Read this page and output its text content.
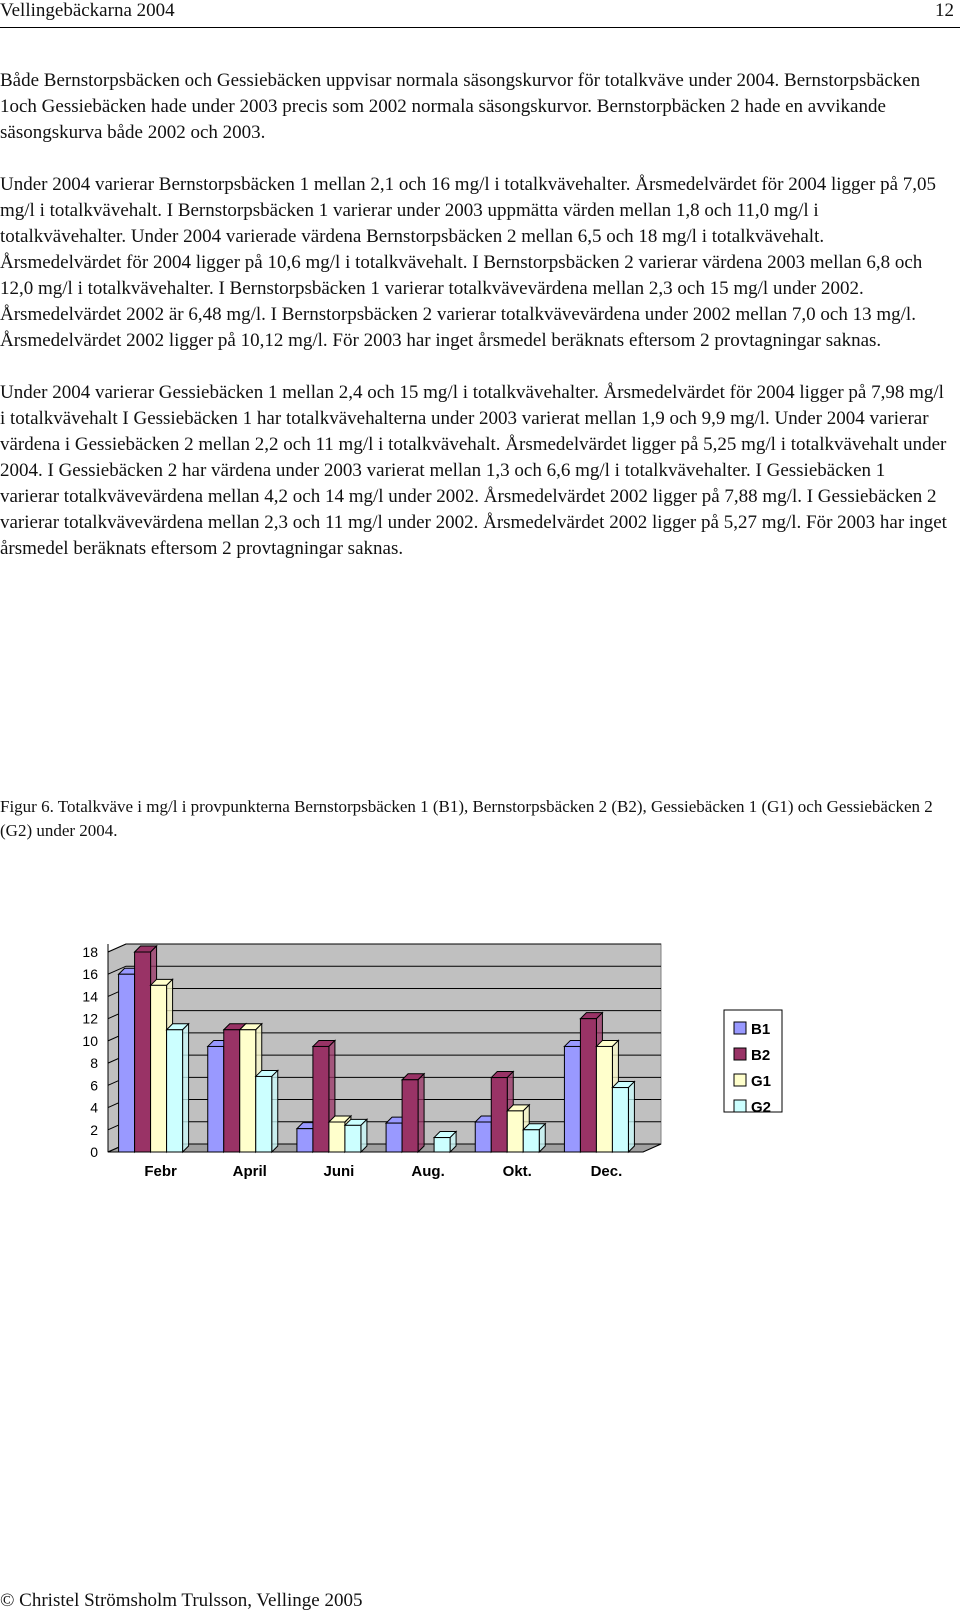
Vellingebäckarna 2004	12

Både Bernstorpsbäcken och Gessiebäcken uppvisar normala säsongskurvor för totalkväve under 2004. Bernstorpsbäcken 1och Gessiebäcken hade under 2003 precis som 2002 normala säsongskurvor. Bernstorpbäcken 2 hade en avvikande säsongskurva både 2002 och 2003.

Under 2004 varierar Bernstorpsbäcken 1 mellan 2,1 och 16 mg/l i totalkvävehalter. Årsmedelvärdet för 2004 ligger på 7,05 mg/l i totalkvävehalt. I Bernstorpsbäcken 1 varierar under 2003 uppmätta värden mellan 1,8 och 11,0 mg/l i totalkvävehalter. Under 2004 varierade värdena Bernstorpsbäcken 2 mellan 6,5 och 18 mg/l i totalkvävehalt. Årsmedelvärdet för 2004 ligger på 10,6 mg/l i totalkvävehalt. I Bernstorpsbäcken 2 varierar värdena 2003 mellan 6,8 och 12,0 mg/l i totalkvävehalter. I Bernstorpsbäcken 1 varierar totalkvävevärdena mellan 2,3 och 15 mg/l under 2002. Årsmedelvärdet 2002 är 6,48 mg/l. I Bernstorpsbäcken 2 varierar totalkvävevärdena under 2002 mellan 7,0 och 13 mg/l. Årsmedelvärdet 2002 ligger på 10,12 mg/l. För 2003 har inget årsmedel beräknats eftersom 2 provtagningar saknas.

Under 2004 varierar Gessiebäcken 1 mellan 2,4 och 15 mg/l i totalkvävehalter. Årsmedelvärdet för 2004 ligger på 7,98 mg/l i totalkvävehalt I Gessiebäcken 1 har totalkvävehalterna under 2003 varierat mellan 1,9 och 9,9 mg/l. Under 2004 varierar värdena i Gessiebäcken 2 mellan 2,2 och 11 mg/l i totalkvävehalt. Årsmedelvärdet ligger på 5,25 mg/l i totalkvävehalt under 2004. I Gessiebäcken 2 har värdena under 2003 varierat mellan 1,3 och 6,6 mg/l i totalkvävehalter. I Gessiebäcken 1 varierar totalkvävevärdena mellan 4,2 och 14 mg/l under 2002. Årsmedelvärdet 2002 ligger på 7,88 mg/l. I Gessiebäcken 2 varierar totalkvävevärdena mellan 2,3 och 11 mg/l under 2002. Årsmedelvärdet 2002 ligger på 5,27 mg/l. För 2003 har inget årsmedel beräknats eftersom 2 provtagningar saknas.

Figur 6. Totalkväve i mg/l i provpunkterna Bernstorpsbäcken 1 (B1), Bernstorpsbäcken 2 (B2), Gessiebäcken 1 (G1) och Gessiebäcken 2 (G2) under 2004.
0
2
4
6
8
10
12
14
16
18
Febr	April	Juni	Aug.	Okt.	Dec.
B1
B2
G1
G2
© Christel Strömsholm Trulsson, Vellinge 2005
